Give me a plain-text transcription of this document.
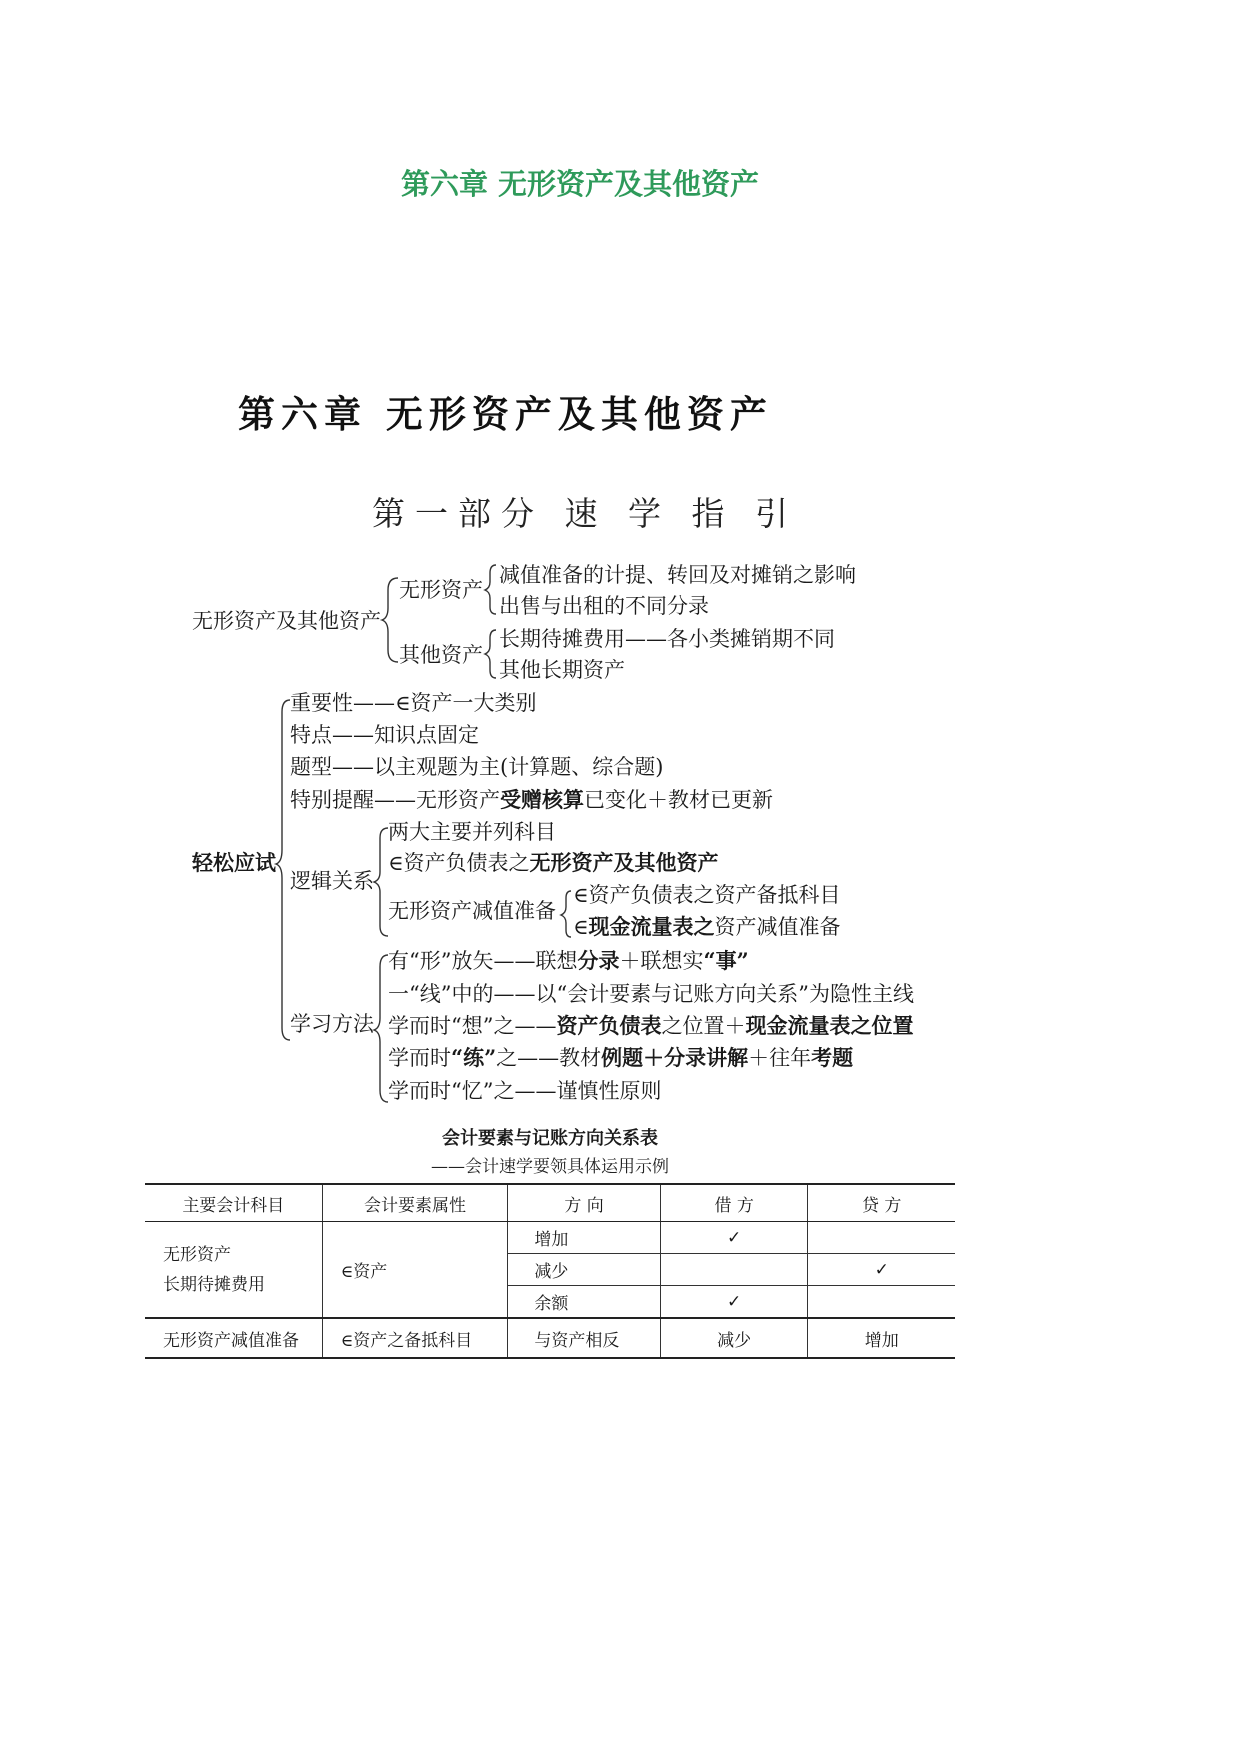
第六章 无形资产及其他资产
第六章 无形资产及其他资产
第一部分 速 学 指 引
无形资产及其他资产
无形资产
减值准备的计提、转回及对摊销之影响
出售与出租的不同分录
其他资产
长期待摊费用——各小类摊销期不同
其他长期资产
轻松应试
重要性——∈资产一大类别
特点——知识点固定
题型——以主观题为主(计算题、综合题)
特别提醒——无形资产受赠核算已变化＋教材已更新
逻辑关系
两大主要并列科目
∈资产负债表之无形资产及其他资产
无形资产减值准备
∈资产负债表之资产备抵科目
∈现金流量表之资产减值准备
学习方法
有“形”放矢——联想分录＋联想实“事”
一“线”中的——以“会计要素与记账方向关系”为隐性主线
学而时“想”之——资产负债表之位置＋现金流量表之位置
学而时“练”之——教材例题＋分录讲解＋往年考题
学而时“忆”之——谨慎性原则
会计要素与记账方向关系表
——会计速学要领具体运用示例
主要会计科目	会计要素属性	方 向	借 方	贷 方

无形资产
长期待摊费用	∈资产	增加	✓	
		减少		✓
		余额	✓	
无形资产减值准备	∈资产之备抵科目	与资产相反	减少	增加
